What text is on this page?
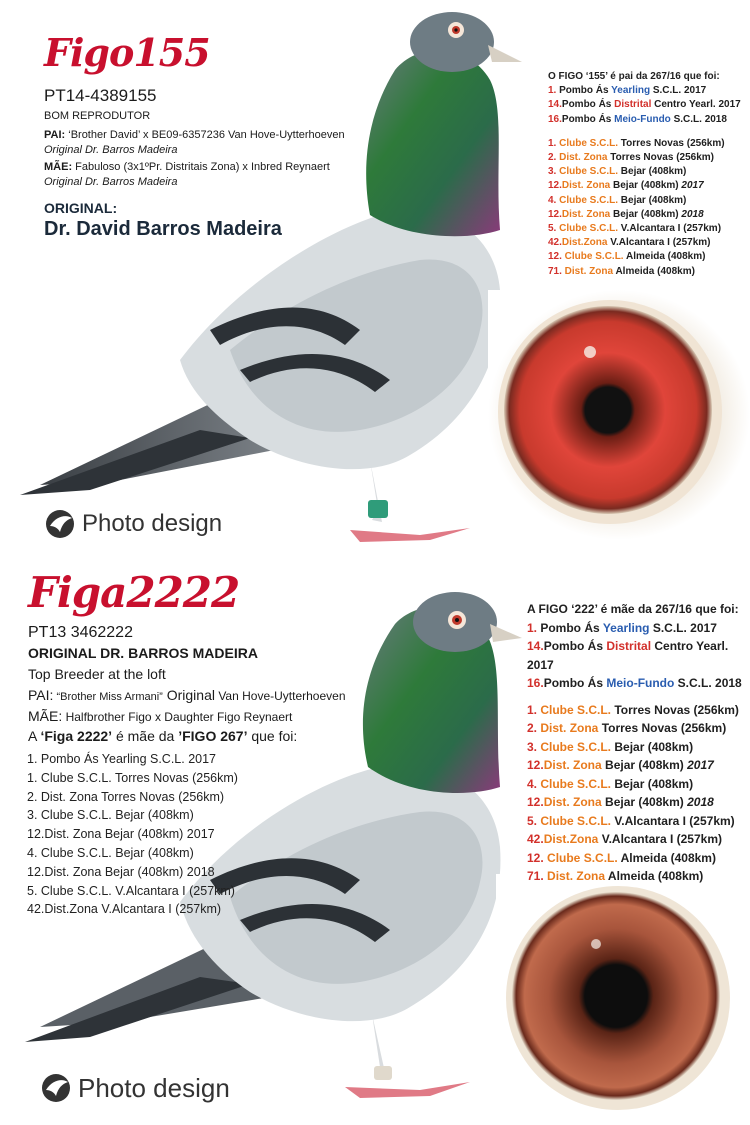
Figo155
PT14-4389155
BOM REPRODUTOR
PAI: ‘Brother David’ x BE09-6357236 Van Hove-Uytterhoeven
Original Dr. Barros Madeira
MÃE: Fabuloso (3x1ºPr. Distritais Zona) x Inbred Reynaert
Original Dr. Barros Madeira
ORIGINAL:
Dr. David Barros Madeira
O FIGO ‘155’ é pai da 267/16 que foi:
1. Pombo Ás Yearling S.C.L. 2017
14.Pombo Ás Distrital Centro Yearl. 2017
16.Pombo Ás Meio-Fundo S.C.L. 2018
1. Clube S.C.L. Torres Novas (256km)
2. Dist. Zona Torres Novas (256km)
3. Clube S.C.L. Bejar (408km)
12.Dist. Zona Bejar (408km) 2017
4. Clube S.C.L. Bejar (408km)
12.Dist. Zona Bejar (408km) 2018
5. Clube S.C.L. V.Alcantara I (257km)
42.Dist.Zona V.Alcantara I (257km)
12. Clube S.C.L. Almeida (408km)
71. Dist. Zona Almeida (408km)
Photo design
Figa2222
PT13 3462222
ORIGINAL DR. BARROS MADEIRA
Top Breeder at the loft
PAI: “Brother Miss Armani” Original Van Hove-Uytterhoeven
MÃE: Halfbrother Figo x Daughter Figo Reynaert
A ‘Figa 2222’ é mãe da ’FIGO 267’ que foi:
1. Pombo Ás Yearling S.C.L. 2017
1. Clube S.C.L. Torres Novas (256km)
2. Dist. Zona Torres Novas (256km)
3. Clube S.C.L. Bejar (408km)
12.Dist. Zona Bejar (408km) 2017
4. Clube S.C.L. Bejar (408km)
12.Dist. Zona Bejar (408km) 2018
5. Clube S.C.L. V.Alcantara I (257km)
42.Dist.Zona V.Alcantara I (257km)
A FIGO ‘222’ é mãe da 267/16 que foi:
1. Pombo Ás Yearling S.C.L. 2017
14.Pombo Ás Distrital Centro Yearl. 2017
16.Pombo Ás Meio-Fundo S.C.L. 2018
1. Clube S.C.L. Torres Novas (256km)
2. Dist. Zona Torres Novas (256km)
3. Clube S.C.L. Bejar (408km)
12.Dist. Zona Bejar (408km) 2017
4. Clube S.C.L. Bejar (408km)
12.Dist. Zona Bejar (408km) 2018
5. Clube S.C.L. V.Alcantara I (257km)
42.Dist.Zona V.Alcantara I (257km)
12. Clube S.C.L. Almeida (408km)
71. Dist. Zona Almeida (408km)
Photo design
